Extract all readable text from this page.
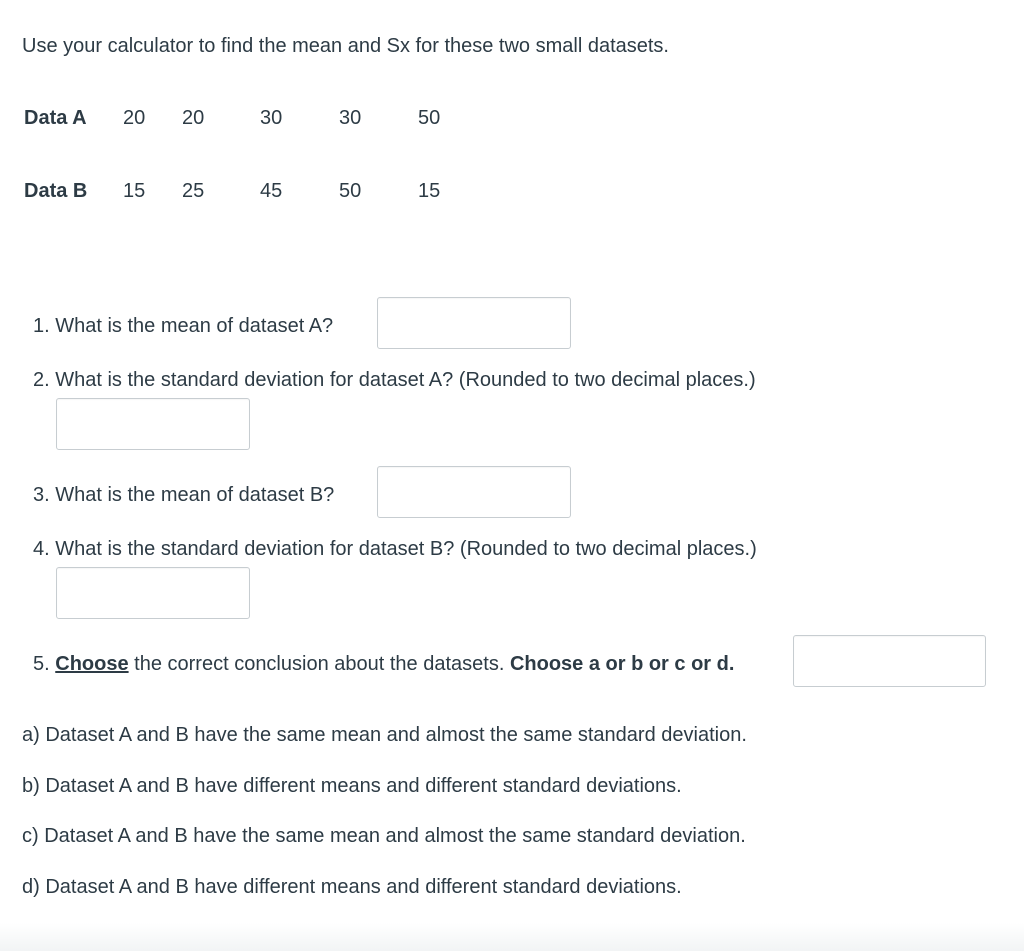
Use your calculator to find the mean and Sx for these two small datasets.
Data A 20 20	30	30	50
Data B 15 25	45	50	15
1. What is the mean of dataset A?
2. What is the standard deviation for dataset A? (Rounded to two decimal places.)
3. What is the mean of dataset B?
4. What is the standard deviation for dataset B? (Rounded to two decimal places.)
5. Choose the correct conclusion about the datasets. Choose a or b or c or d.
a) Dataset A and B have the same mean and almost the same standard deviation.
b) Dataset A and B have different means and different standard deviations.
c) Dataset A and B have the same mean and almost the same standard deviation.
d) Dataset A and B have different means and different standard deviations.
